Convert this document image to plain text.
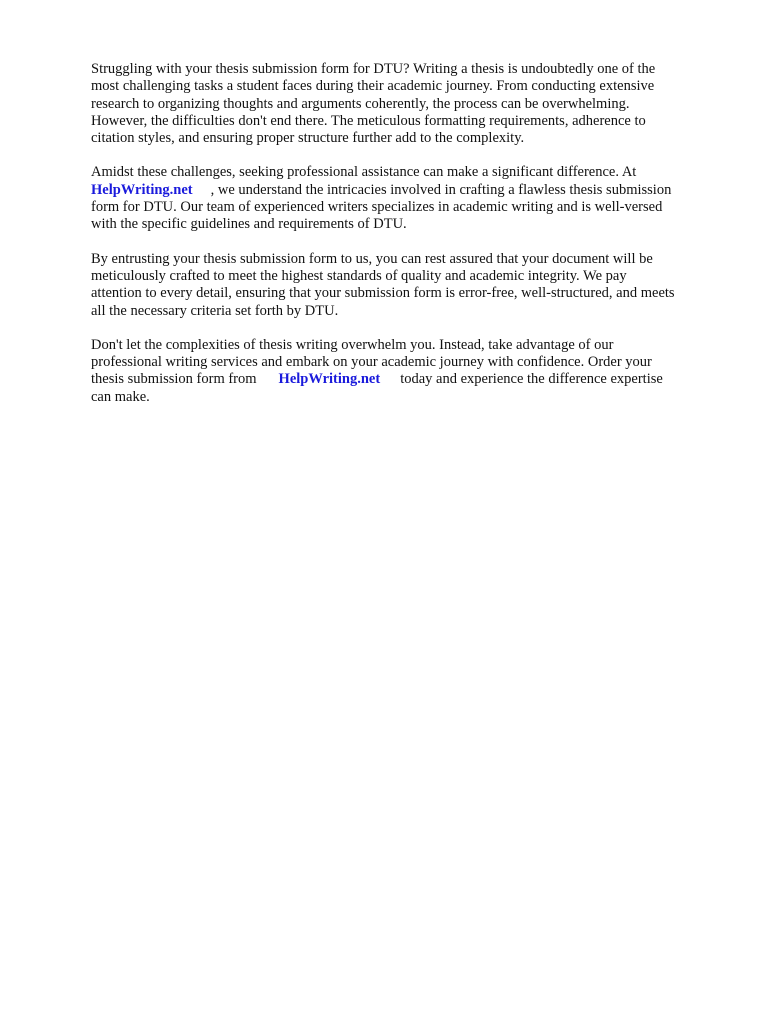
Struggling with your thesis submission form for DTU? Writing a thesis is undoubtedly one of the
most challenging tasks a student faces during their academic journey. From conducting extensive
research to organizing thoughts and arguments coherently, the process can be overwhelming.
However, the difficulties don't end there. The meticulous formatting requirements, adherence to
citation styles, and ensuring proper structure further add to the complexity.

Amidst these challenges, seeking professional assistance can make a significant difference. At
HelpWriting.net , we understand the intricacies involved in crafting a flawless thesis submission
form for DTU. Our team of experienced writers specializes in academic writing and is well-versed
with the specific guidelines and requirements of DTU.

By entrusting your thesis submission form to us, you can rest assured that your document will be
meticulously crafted to meet the highest standards of quality and academic integrity. We pay
attention to every detail, ensuring that your submission form is error-free, well-structured, and meets
all the necessary criteria set forth by DTU.

Don't let the complexities of thesis writing overwhelm you. Instead, take advantage of our
professional writing services and embark on your academic journey with confidence. Order your
thesis submission form from HelpWriting.net today and experience the difference expertise
can make.
